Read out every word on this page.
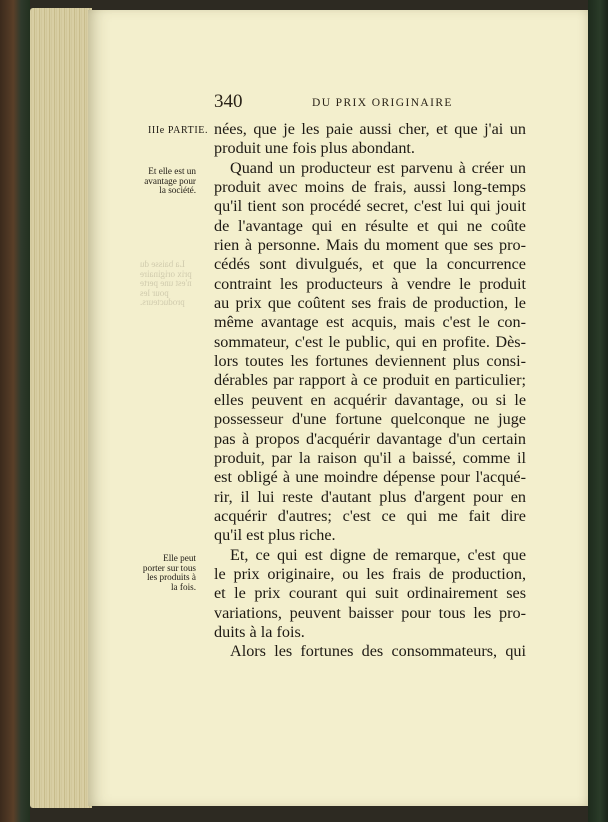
340	DU PRIX ORIGINAIRE
IIIe PARTIE.
Et elle est un
avantage pour
la société.
Elle peut
porter sur tous
les produits à
la fois.
La baisse du
prix originaire
n'est une perte
pour les
producteurs.
nées, que je les paie aussi cher, et que j'ai un
produit une fois plus abondant.
Quand un producteur est parvenu à créer un
produit avec moins de frais, aussi long-temps
qu'il tient son procédé secret, c'est lui qui jouit
de l'avantage qui en résulte et qui ne coûte
rien à personne. Mais du moment que ses pro-
cédés sont divulgués, et que la concurrence
contraint les producteurs à vendre le produit
au prix que coûtent ses frais de production, le
même avantage est acquis, mais c'est le con-
sommateur, c'est le public, qui en profite. Dès-
lors toutes les fortunes deviennent plus consi-
dérables par rapport à ce produit en particulier;
elles peuvent en acquérir davantage, ou si le
possesseur d'une fortune quelconque ne juge
pas à propos d'acquérir davantage d'un certain
produit, par la raison qu'il a baissé, comme il
est obligé à une moindre dépense pour l'acqué-
rir, il lui reste d'autant plus d'argent pour en
acquérir d'autres; c'est ce qui me fait dire
qu'il est plus riche.
Et, ce qui est digne de remarque, c'est que
le prix originaire, ou les frais de production,
et le prix courant qui suit ordinairement ses
variations, peuvent baisser pour tous les pro-
duits à la fois.
Alors les fortunes des consommateurs, qui
